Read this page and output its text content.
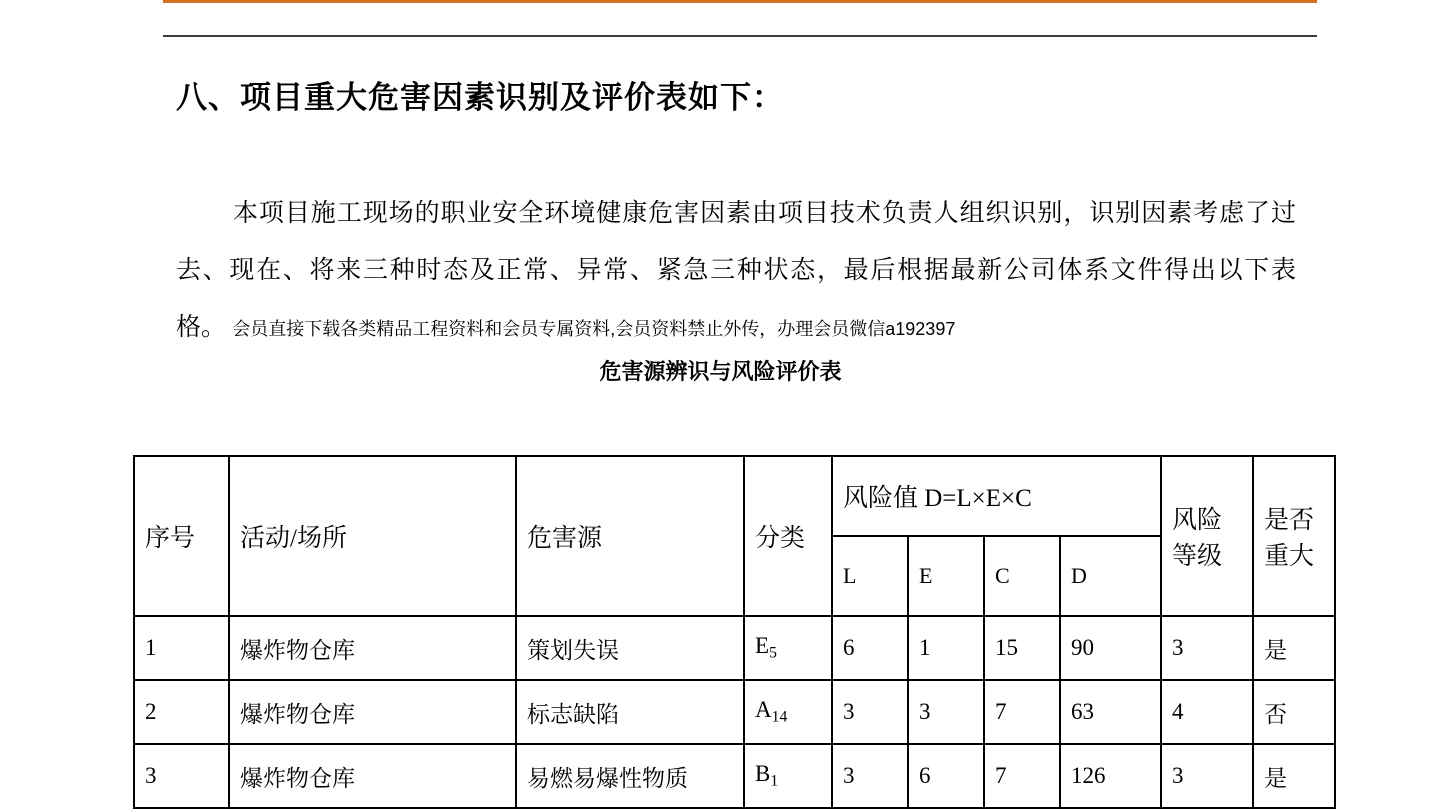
八、项目重大危害因素识别及评价表如下：
本项目施工现场的职业安全环境健康危害因素由项目技术负责人组织识别，识别因素考虑了过去、现在、将来三种时态及正常、异常、紧急三种状态，最后根据最新公司体系文件得出以下表格。 会员直接下载各类精品工程资料和会员专属资料,会员资料禁止外传，办理会员微信a192397
危害源辨识与风险评价表
序号	活动/场所	危害源	分类	风险值 D=L×E×C				风险等级	是否重大
				L	E	C	D		
1	爆炸物仓库	策划失误	$E_5$	6	1	15	90	3	是
2	爆炸物仓库	标志缺陷	$A_{14}$	3	3	7	63	4	否
3	爆炸物仓库	易燃易爆性物质	$B_1$	3	6	7	126	3	是
